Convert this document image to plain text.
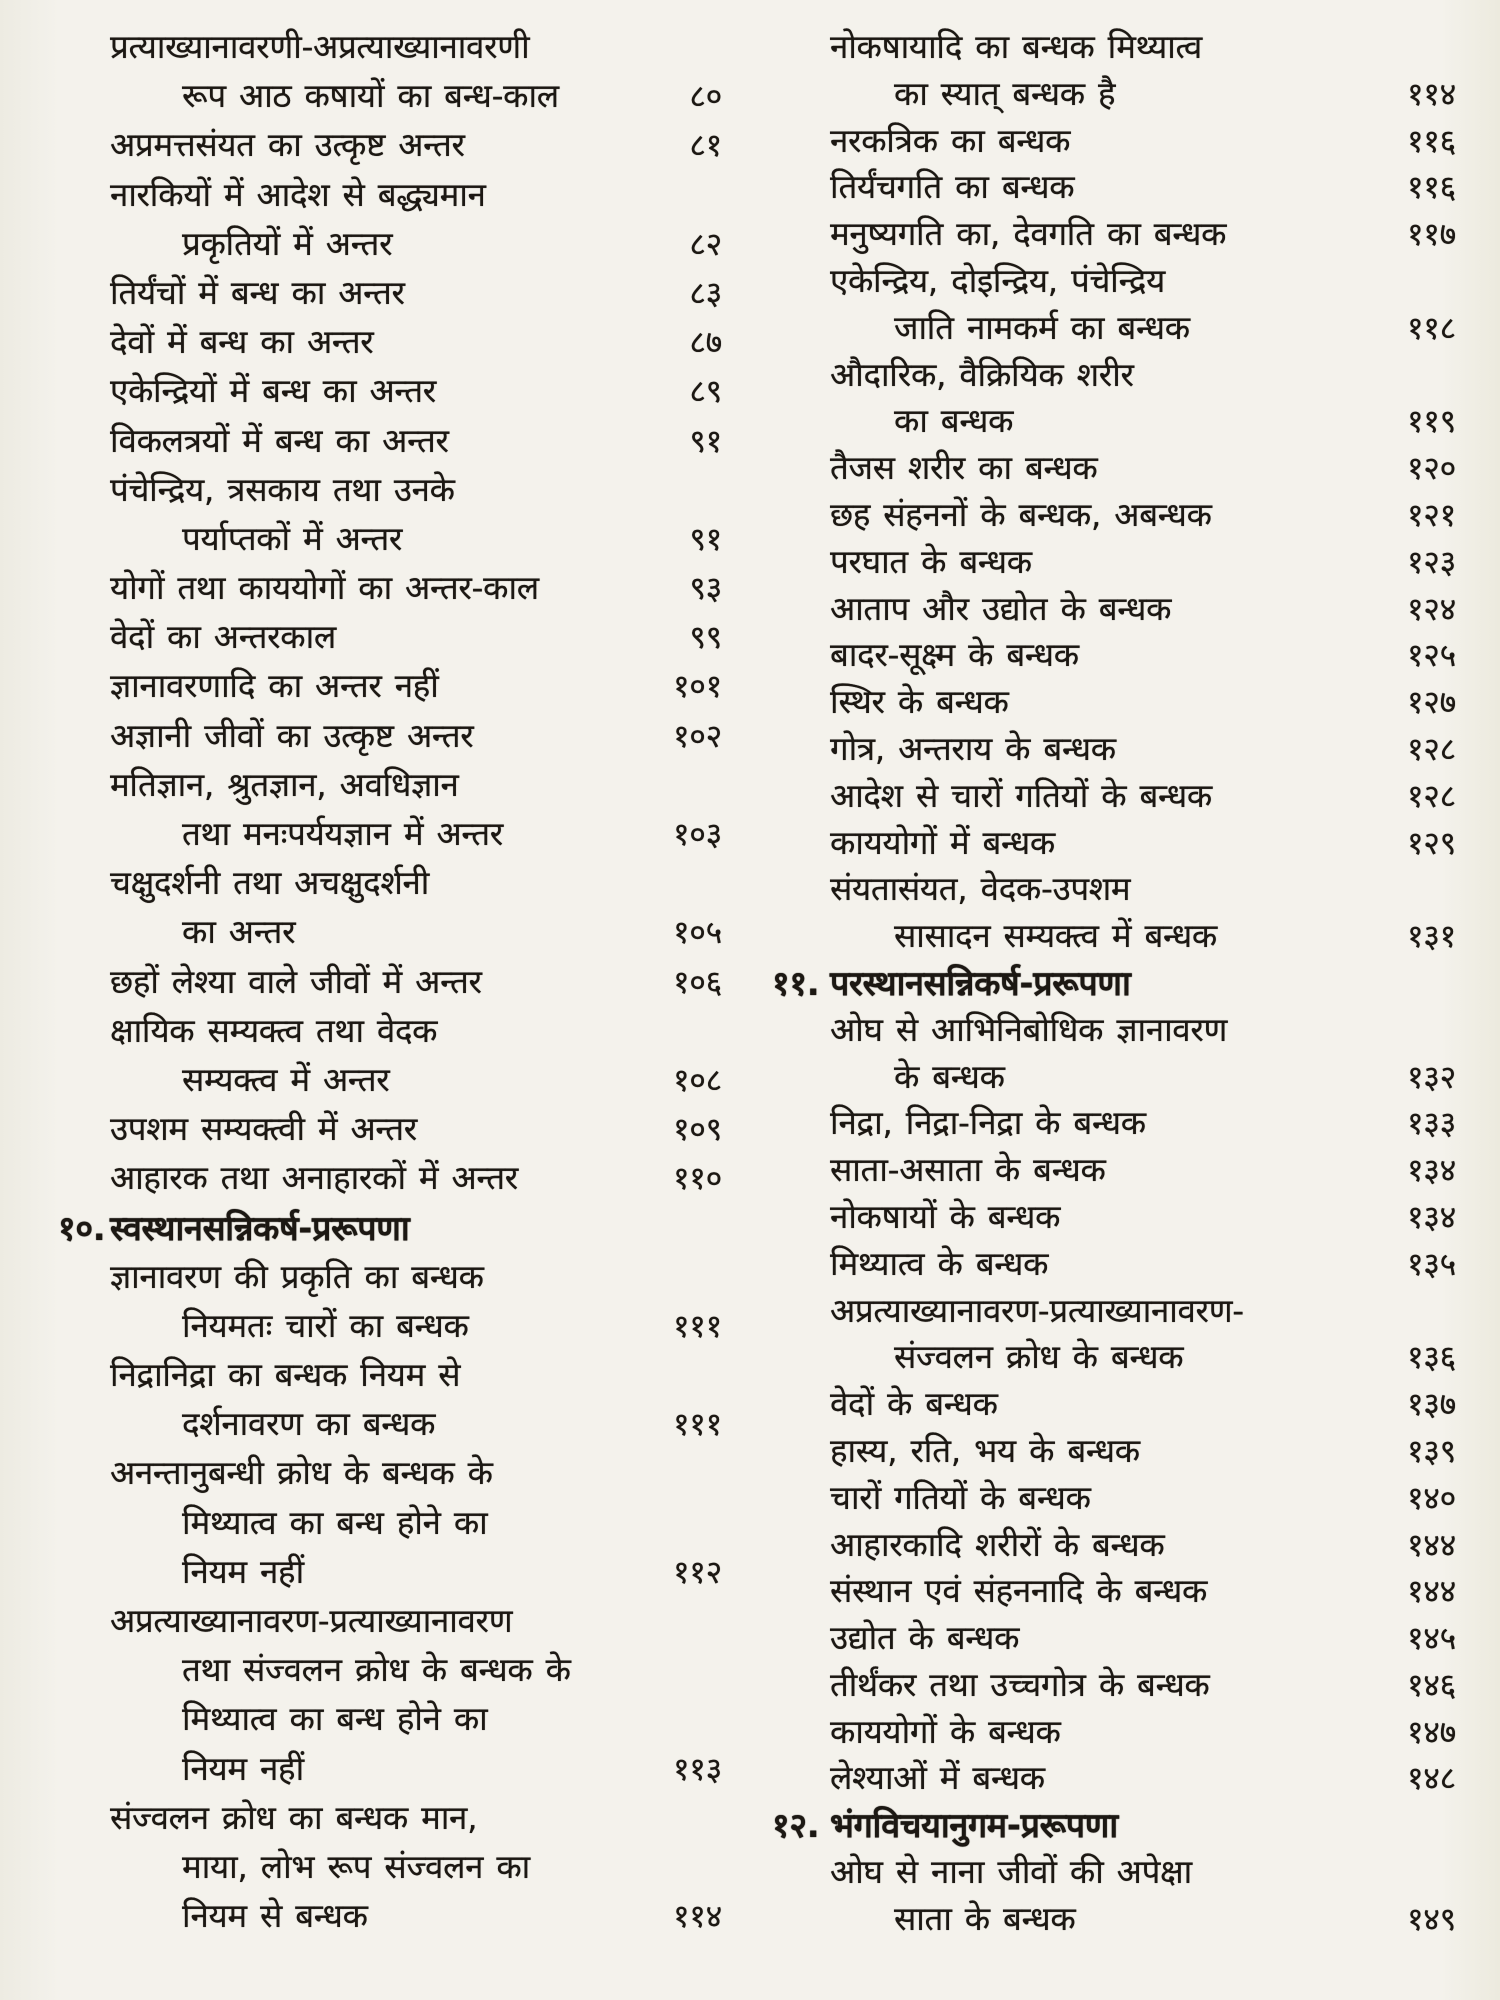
प्रत्याख्यानावरणी-अप्रत्याख्यानावरणी
रूप आठ कषायों का बन्ध-काल	८०
अप्रमत्तसंयत का उत्कृष्ट अन्तर	८१
नारकियों में आदेश से बद्ध्यमान
प्रकृतियों में अन्तर	८२
तिर्यंचों में बन्ध का अन्तर	८३
देवों में बन्ध का अन्तर	८७
एकेन्द्रियों में बन्ध का अन्तर	८९
विकलत्रयों में बन्ध का अन्तर	९१
पंचेन्द्रिय, त्रसकाय तथा उनके
पर्याप्तकों में अन्तर	९१
योगों तथा काययोगों का अन्तर-काल	९३
वेदों का अन्तरकाल	९९
ज्ञानावरणादि का अन्तर नहीं	१०१
अज्ञानी जीवों का उत्कृष्ट अन्तर	१०२
मतिज्ञान, श्रुतज्ञान, अवधिज्ञान
तथा मनःपर्ययज्ञान में अन्तर	१०३
चक्षुदर्शनी तथा अचक्षुदर्शनी
का अन्तर	१०५
छहों लेश्या वाले जीवों में अन्तर	१०६
क्षायिक सम्यक्त्व तथा वेदक
सम्यक्त्व में अन्तर	१०८
उपशम सम्यक्त्वी में अन्तर	१०९
आहारक तथा अनाहारकों में अन्तर	११०
१०. स्वस्थानसन्निकर्ष-प्ररूपणा
ज्ञानावरण की प्रकृति का बन्धक
नियमतः चारों का बन्धक	१११
निद्रानिद्रा का बन्धक नियम से
दर्शनावरण का बन्धक	१११
अनन्तानुबन्धी क्रोध के बन्धक के
मिथ्यात्व का बन्ध होने का
नियम नहीं	११२
अप्रत्याख्यानावरण-प्रत्याख्यानावरण
तथा संज्वलन क्रोध के बन्धक के
मिथ्यात्व का बन्ध होने का
नियम नहीं	११३
संज्वलन क्रोध का बन्धक मान,
माया, लोभ रूप संज्वलन का
नियम से बन्धक	११४
नोकषायादि का बन्धक मिथ्यात्व
का स्यात् बन्धक है	११४
नरकत्रिक का बन्धक	११६
तिर्यंचगति का बन्धक	११६
मनुष्यगति का, देवगति का बन्धक	११७
एकेन्द्रिय, दोइन्द्रिय, पंचेन्द्रिय
जाति नामकर्म का बन्धक	११८
औदारिक, वैक्रियिक शरीर
का बन्धक	११९
तैजस शरीर का बन्धक	१२०
छह संहननों के बन्धक, अबन्धक	१२१
परघात के बन्धक	१२३
आताप और उद्योत के बन्धक	१२४
बादर-सूक्ष्म के बन्धक	१२५
स्थिर के बन्धक	१२७
गोत्र, अन्तराय के बन्धक	१२८
आदेश से चारों गतियों के बन्धक	१२८
काययोगों में बन्धक	१२९
संयतासंयत, वेदक-उपशम
सासादन सम्यक्त्व में बन्धक	१३१
११. परस्थानसन्निकर्ष-प्ररूपणा
ओघ से आभिनिबोधिक ज्ञानावरण
के बन्धक	१३२
निद्रा, निद्रा-निद्रा के बन्धक	१३३
साता-असाता के बन्धक	१३४
नोकषायों के बन्धक	१३४
मिथ्यात्व के बन्धक	१३५
अप्रत्याख्यानावरण-प्रत्याख्यानावरण-
संज्वलन क्रोध के बन्धक	१३६
वेदों के बन्धक	१३७
हास्य, रति, भय के बन्धक	१३९
चारों गतियों के बन्धक	१४०
आहारकादि शरीरों के बन्धक	१४४
संस्थान एवं संहननादि के बन्धक	१४४
उद्योत के बन्धक	१४५
तीर्थंकर तथा उच्चगोत्र के बन्धक	१४६
काययोगों के बन्धक	१४७
लेश्याओं में बन्धक	१४८
१२. भंगविचयानुगम-प्ररूपणा
ओघ से नाना जीवों की अपेक्षा
साता के बन्धक	१४९
